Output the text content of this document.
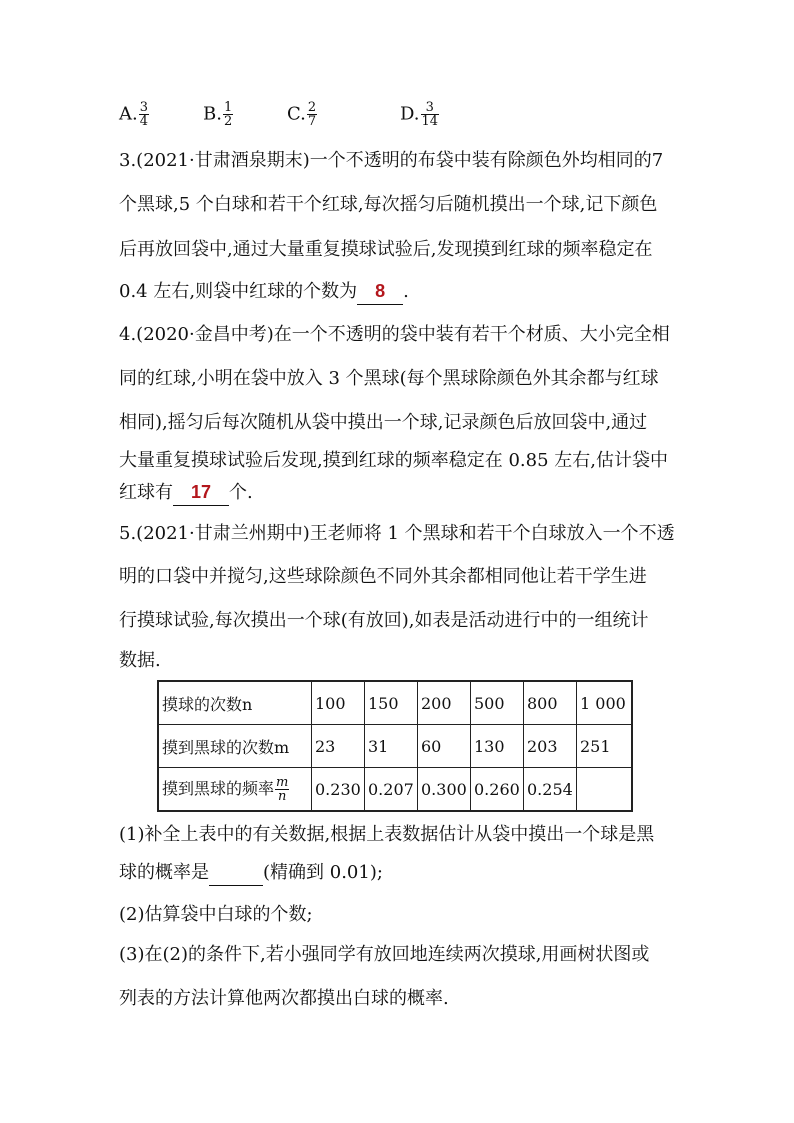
A. $\frac{3}{4}$	B. $\frac{1}{2}$	C. $\frac{2}{7}$	D. $\frac{3}{14}$
3.(2021·甘肃酒泉期末)一个不透明的布袋中装有除颜色外均相同的7
个黑球,5 个白球和若干个红球,每次摇匀后随机摸出一个球,记下颜色
后再放回袋中,通过大量重复摸球试验后,发现摸到红球的频率稳定在
0.4 左右,则袋中红球的个数为 8 .
4.(2020·金昌中考)在一个不透明的袋中装有若干个材质、大小完全相
同的红球,小明在袋中放入 3 个黑球(每个黑球除颜色外其余都与红球
相同),摇匀后每次随机从袋中摸出一个球,记录颜色后放回袋中,通过
大量重复摸球试验后发现,摸到红球的频率稳定在 0.85 左右,估计袋中
红球有 17 个.
5.(2021·甘肃兰州期中)王老师将 1 个黑球和若干个白球放入一个不透
明的口袋中并搅匀,这些球除颜色不同外其余都相同他让若干学生进
行摸球试验,每次摸出一个球(有放回),如表是活动进行中的一组统计
数据.
摸球的次数n	100	150	200	500	800	1 000
摸到黑球的次数m	23	31	60	130	203	251
摸到黑球的频率 $\frac{m}{n}$	0.230	0.207	0.300	0.260	0.254	
(1)补全上表中的有关数据,根据上表数据估计从袋中摸出一个球是黑
球的概率是	(精确到 0.01);
(2)估算袋中白球的个数;
(3)在(2)的条件下,若小强同学有放回地连续两次摸球,用画树状图或
列表的方法计算他两次都摸出白球的概率.
